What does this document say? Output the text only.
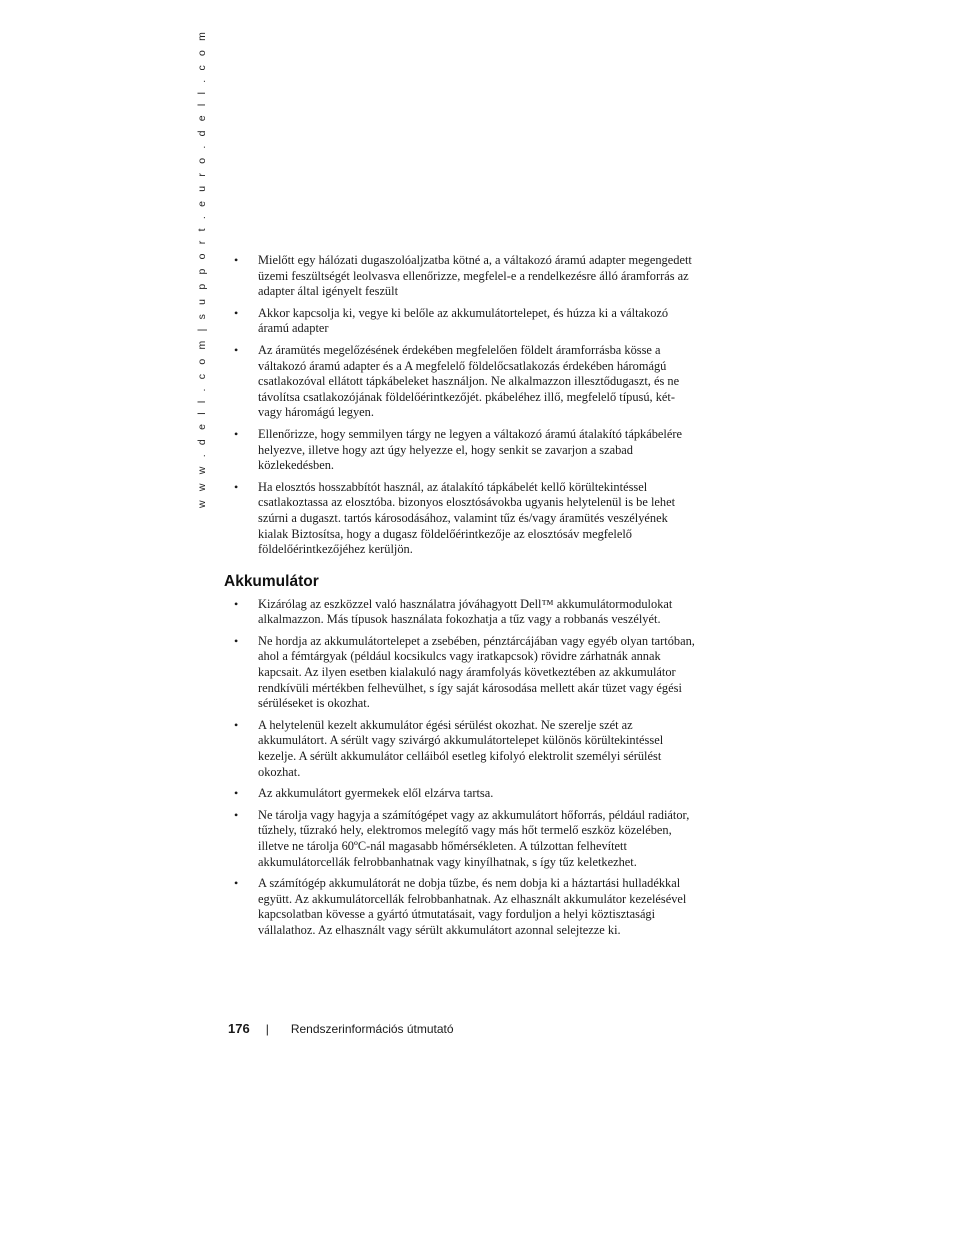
w w w . d e l l . c o m | s u p p o r t . e u r o . d e l l . c o m • Mielőtt egy hálózati dugaszolóaljzatba kötné a, a váltakozó áramú adapter megengedett üzemi feszültségét leolvasva ellenőrizze, megfelel-e a rendelkezésre álló áramforrás az adapter által igényelt feszült
• Akkor kapcsolja ki, vegye ki belőle az akkumulátortelepet, és húzza ki a váltakozó áramú adapter
• Az áramütés megelőzésének érdekében megfelelően földelt áramforrásba kösse a váltakozó áramú adapter és a A megfelelő földelőcsatlakozás érdekében háromágú csatlakozóval ellátott tápkábeleket használjon. Ne alkalmazzon illesztődugaszt, és ne távolítsa csatlakozójának földelőérintkezőjét. pkábeléhez illő, megfelelő típusú, két- vagy háromágú legyen.
• Ellenőrizze, hogy semmilyen tárgy ne legyen a váltakozó áramú átalakító tápkábelére helyezve, illetve hogy azt úgy helyezze el, hogy senkit se zavarjon a szabad közlekedésben.
• Ha elosztós hosszabbítót használ, az átalakító tápkábelét kellő körültekintéssel csatlakoztassa az elosztóba. bizonyos elosztósávokba ugyanis helytelenül is be lehet szúrni a dugaszt. tartós károsodásához, valamint tűz és/vagy áramütés veszélyének kialak Biztosítsa, hogy a dugasz földelőérintkezője az elosztósáv megfelelő földelőérintkezőjéhez kerüljön.
Akkumulátor
• Kizárólag az eszközzel való használatra jóváhagyott Dell™ akkumulátormodulokat alkalmazzon. Más típusok használata fokozhatja a tűz vagy a robbanás veszélyét.
• Ne hordja az akkumulátortelepet a zsebében, pénztárcájában vagy egyéb olyan tartóban, ahol a fémtárgyak (például kocsikulcs vagy iratkapcsok) rövidre zárhatnák annak kapcsait. Az ilyen esetben kialakuló nagy áramfolyás következtében az akkumulátor rendkívüli mértékben felhevülhet, s így saját károsodása mellett akár tüzet vagy égési sérüléseket is okozhat.
• A helytelenül kezelt akkumulátor égési sérülést okozhat. Ne szerelje szét az akkumulátort. A sérült vagy szivárgó akkumulátortelepet különös körültekintéssel kezelje. A sérült akkumulátor celláiból esetleg kifolyó elektrolit személyi sérülést okozhat.
• Az akkumulátort gyermekek elől elzárva tartsa.
• Ne tárolja vagy hagyja a számítógépet vagy az akkumulátort hőforrás, például radiátor, tűzhely, tűzrakó hely, elektromos melegítő vagy más hőt termelő eszköz közelében, illetve ne tárolja 60ºC-nál magasabb hőmérsékleten. A túlzottan felhevített akkumulátorcellák felrobbanhatnak vagy kinyílhatnak, s így tűz keletkezhet.
• A számítógép akkumulátorát ne dobja tűzbe, és nem dobja ki a háztartási hulladékkal együtt. Az akkumulátorcellák felrobbanhatnak. Az elhasznált akkumulátor kezelésével kapcsolatban kövesse a gyártó útmutatásait, vagy forduljon a helyi köztisztasági vállalathoz. Az elhasznált vagy sérült akkumulátort azonnal selejtezze ki.
176 | Rendszerinformációs útmutató
